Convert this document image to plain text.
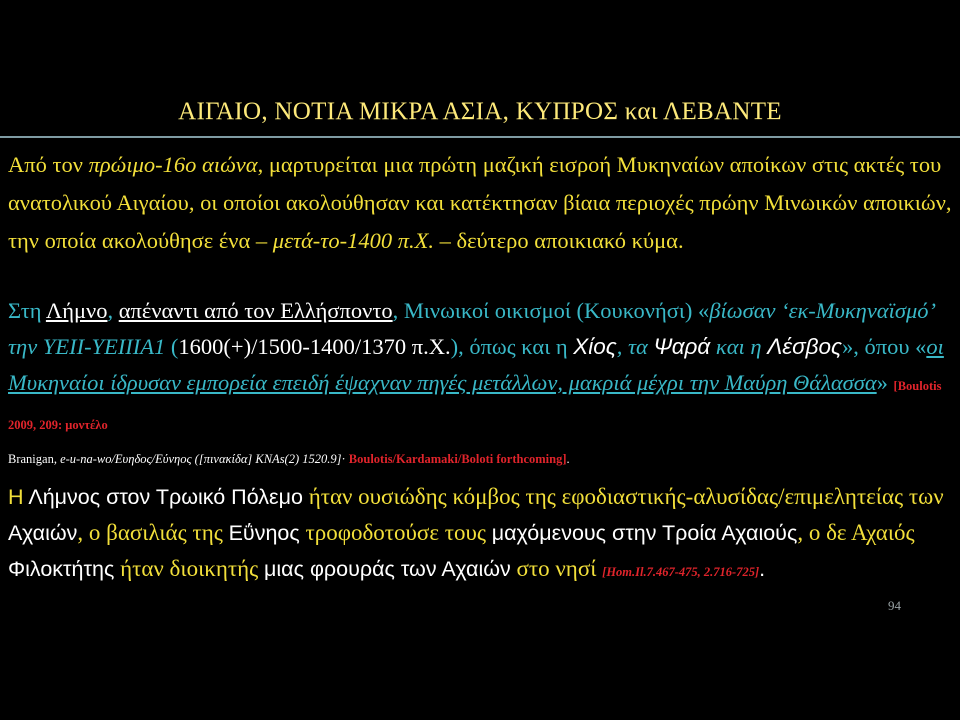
ΑΙΓΑΙΟ, ΝΟΤΙΑ ΜΙΚΡΑ ΑΣΙΑ, ΚΥΠΡΟΣ και ΛΕΒΑΝΤΕ
Από τον πρώιμο-16ο αιώνα, μαρτυρείται μια πρώτη μαζική εισροή Μυκηναίων αποίκων στις ακτές του ανατολικού Αιγαίου, οι οποίοι ακολούθησαν και κατέκτησαν βίαια περιοχές πρώην Μινωικών αποικιών, την οποία ακολούθησε ένα – μετά-το-1400 π.Χ. – δεύτερο αποικιακό κύμα.
Στη Λήμνο, απέναντι από τον Ελλήσποντο, Μινωικοί οικισμοί (Κουκονήσι) «βίωσαν ‘εκ-Μυκηναϊσμό’ την ΥΕΙΙ-ΥΕΙΙΙΑ1 (1600(+)/1500-1400/1370 π.Χ.), όπως και η Χίος, τα Ψαρά και η Λέσβος», όπου «οι Μυκηναίοι ίδρυσαν εμπορεία επειδή έψαχναν πηγές μετάλλων, μακριά μέχρι την Μαύρη Θάλασσα» [Boulotis 2009, 209: μοντέλο
Branigan, e-u-na-wo/Ευηδος/Εύνηος ([πινακίδα] KNAs(2) 1520.9]· Boulotis/Kardamaki/Boloti forthcoming].
Η Λήμνος στον Τρωικό Πόλεμο ήταν ουσιώδης κόμβος της εφοδιαστικής-αλυσίδας/επιμελητείας των Αχαιών, ο βασιλιάς της Εΰνηος τροφοδοτούσε τους μαχόμενους στην Τροία Αχαιούς, ο δε Αχαιός Φιλοκτήτης ήταν διοικητής μιας φρουράς των Αχαιών στο νησί [Hom.Il.7.467-475, 2.716-725].
94
